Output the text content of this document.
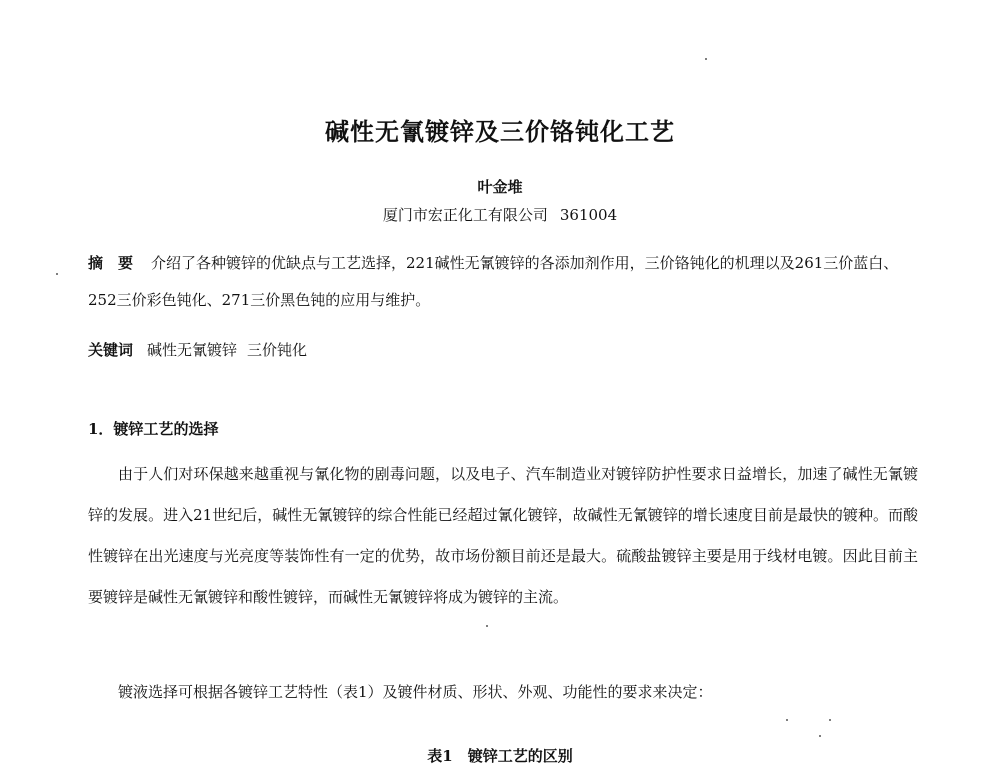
碱性无氰镀锌及三价铬钝化工艺
叶金堆
厦门市宏正化工有限公司 361004
摘　要 介绍了各种镀锌的优缺点与工艺选择，221碱性无氰镀锌的各添加剂作用，三价铬钝化的机理以及261三价蓝白、252三价彩色钝化、271三价黑色钝的应用与维护。
关键词 碱性无氰镀锌 三价钝化
1．镀锌工艺的选择
由于人们对环保越来越重视与氰化物的剧毒问题，以及电子、汽车制造业对镀锌防护性要求日益增长，加速了碱性无氰镀锌的发展。进入21世纪后，碱性无氰镀锌的综合性能已经超过氰化镀锌，故碱性无氰镀锌的增长速度目前是最快的镀种。而酸性镀锌在出光速度与光亮度等装饰性有一定的优势，故市场份额目前还是最大。硫酸盐镀锌主要是用于线材电镀。因此目前主要镀锌是碱性无氰镀锌和酸性镀锌，而碱性无氰镀锌将成为镀锌的主流。
镀液选择可根据各镀锌工艺特性（表1）及镀件材质、形状、外观、功能性的要求来决定：
表1　镀锌工艺的区别
